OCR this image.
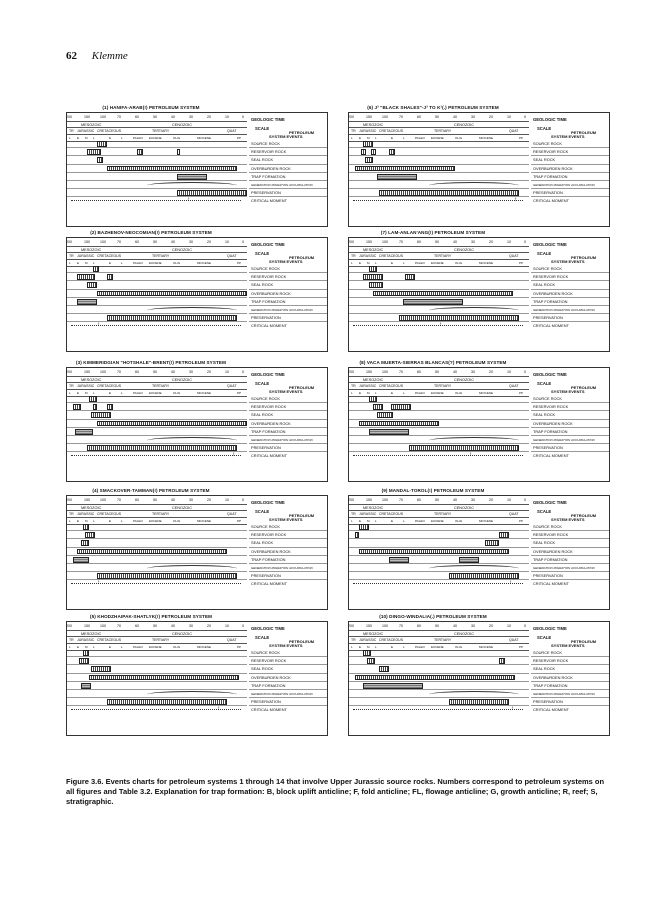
62 Klemme
(1) HANIFA-ARAB(!) PETROLEUM SYSTEM
200	150	100	70	60	50	40	30	20	10	0
MESOZOIC	CENOZOIC
TR JURASSIC CRETACEOUS	TERTIARY	QUAT
L E M L	E	L	PALEO EOCENE	OLIG	MIOCENE	PP
↑
GEOLOGIC TIME
SCALE
PETROLEUM
SYSTEM EVENTS
SOURCE ROCK
RESERVOIR ROCK
SEAL ROCK
OVERBURDEN ROCK
TRAP FORMATION
GENERATION MIGRATION ACCUMULATION
PRESERVATION
CRITICAL MOMENT
(6) J³ "BLACK SHALES"-J³ TO K¹(.) PETROLEUM SYSTEM
200	150	100	70	60	50	40	30	20	10	0
MESOZOIC	CENOZOIC
TR JURASSIC CRETACEOUS	TERTIARY	QUAT
L E M L	E	L	PALEO EOCENE	OLIG	MIOCENE	PP
↑
GEOLOGIC TIME
SCALE
PETROLEUM
SYSTEM EVENTS
SOURCE ROCK
RESERVOIR ROCK
SEAL ROCK
OVERBURDEN ROCK
TRAP FORMATION
GENERATION MIGRATION ACCUMULATION
PRESERVATION
CRITICAL MOMENT
(2) BAZHENOV-NEOCOMIAN(!) PETROLEUM SYSTEM
200	150	100	70	60	50	40	30	20	10	0
MESOZOIC	CENOZOIC
TR JURASSIC CRETACEOUS	TERTIARY	QUAT
L E M L	E	L	PALEO EOCENE	OLIG	MIOCENE	PP
↑
GEOLOGIC TIME
SCALE
PETROLEUM
SYSTEM EVENTS
SOURCE ROCK
RESERVOIR ROCK
SEAL ROCK
OVERBURDEN ROCK
TRAP FORMATION
GENERATION MIGRATION ACCUMULATION
PRESERVATION
CRITICAL MOMENT
(7) LAM-ANLAN'ANG(!) PETROLEUM SYSTEM
200	150	100	70	60	50	40	30	20	10	0
MESOZOIC	CENOZOIC
TR JURASSIC CRETACEOUS	TERTIARY	QUAT
L E M L	E	L	PALEO EOCENE	OLIG	MIOCENE	PP
↑
GEOLOGIC TIME
SCALE
PETROLEUM
SYSTEM EVENTS
SOURCE ROCK
RESERVOIR ROCK
SEAL ROCK
OVERBURDEN ROCK
TRAP FORMATION
GENERATION MIGRATION ACCUMULATION
PRESERVATION
CRITICAL MOMENT
(3) KIMMERIDGIAN "HOTSHALE"-BRENT(!) PETROLEUM SYSTEM
200	150	100	70	60	50	40	30	20	10	0
MESOZOIC	CENOZOIC
TR JURASSIC CRETACEOUS	TERTIARY	QUAT
L E M L	E	L	PALEO EOCENE	OLIG	MIOCENE	PP
↑
GEOLOGIC TIME
SCALE
PETROLEUM
SYSTEM EVENTS
SOURCE ROCK
RESERVOIR ROCK
SEAL ROCK
OVERBURDEN ROCK
TRAP FORMATION
GENERATION MIGRATION ACCUMULATION
PRESERVATION
CRITICAL MOMENT
(8) VACA MUERTA-SIERRAS BLANCAS(?) PETROLEUM SYSTEM
200	150	100	70	60	50	40	30	20	10	0
MESOZOIC	CENOZOIC
TR JURASSIC CRETACEOUS	TERTIARY	QUAT
L E M L	E	L	PALEO EOCENE	OLIG	MIOCENE	PP
↑
GEOLOGIC TIME
SCALE
PETROLEUM
SYSTEM EVENTS
SOURCE ROCK
RESERVOIR ROCK
SEAL ROCK
OVERBURDEN ROCK
TRAP FORMATION
GENERATION MIGRATION ACCUMULATION
PRESERVATION
CRITICAL MOMENT
(4) SMACKOVER-TAMMAN(!) PETROLEUM SYSTEM
200	150	100	70	60	50	40	30	20	10	0
MESOZOIC	CENOZOIC
TR JURASSIC CRETACEOUS	TERTIARY	QUAT
L E M L	E	L	PALEO EOCENE	OLIG	MIOCENE	PP
↑
GEOLOGIC TIME
SCALE
PETROLEUM
SYSTEM EVENTS
SOURCE ROCK
RESERVOIR ROCK
SEAL ROCK
OVERBURDEN ROCK
TRAP FORMATION
GENERATION MIGRATION ACCUMULATION
PRESERVATION
CRITICAL MOMENT
(9) MANDAL-TOROL(!) PETROLEUM SYSTEM
200	150	100	70	60	50	40	30	20	10	0
MESOZOIC	CENOZOIC
TR JURASSIC CRETACEOUS	TERTIARY	QUAT
L E M L	E	L	PALEO EOCENE	OLIG	MIOCENE	PP
↑
GEOLOGIC TIME
SCALE
PETROLEUM
SYSTEM EVENTS
SOURCE ROCK
RESERVOIR ROCK
SEAL ROCK
OVERBURDEN ROCK
TRAP FORMATION
GENERATION MIGRATION ACCUMULATION
PRESERVATION
CRITICAL MOMENT
(5) KHODZHAIPAK-SHATLYK(!) PETROLEUM SYSTEM
200	150	100	70	60	50	40	30	20	10	0
MESOZOIC	CENOZOIC
TR JURASSIC CRETACEOUS	TERTIARY	QUAT
L E M L	E	L	PALEO EOCENE	OLIG	MIOCENE	PP
↑
GEOLOGIC TIME
SCALE
PETROLEUM
SYSTEM EVENTS
SOURCE ROCK
RESERVOIR ROCK
SEAL ROCK
OVERBURDEN ROCK
TRAP FORMATION
GENERATION MIGRATION ACCUMULATION
PRESERVATION
CRITICAL MOMENT
(10) DINGO-WINDALIA(.) PETROLEUM SYSTEM
200	150	100	70	60	50	40	30	20	10	0
MESOZOIC	CENOZOIC
TR JURASSIC CRETACEOUS	TERTIARY	QUAT
L E M L	E	L	PALEO EOCENE	OLIG	MIOCENE	PP
↑
GEOLOGIC TIME
SCALE
PETROLEUM
SYSTEM EVENTS
SOURCE ROCK
RESERVOIR ROCK
SEAL ROCK
OVERBURDEN ROCK
TRAP FORMATION
GENERATION MIGRATION ACCUMULATION
PRESERVATION
CRITICAL MOMENT
Figure 3.6. Events charts for petroleum systems 1 through 14 that involve Upper Jurassic source rocks. Numbers correspond to petroleum systems on all figures and Table 3.2. Explanation for trap formation: B, block uplift anticline; F, fold anticline; FL, flowage anticline; G, growth anticline; R, reef; S, stratigraphic.
